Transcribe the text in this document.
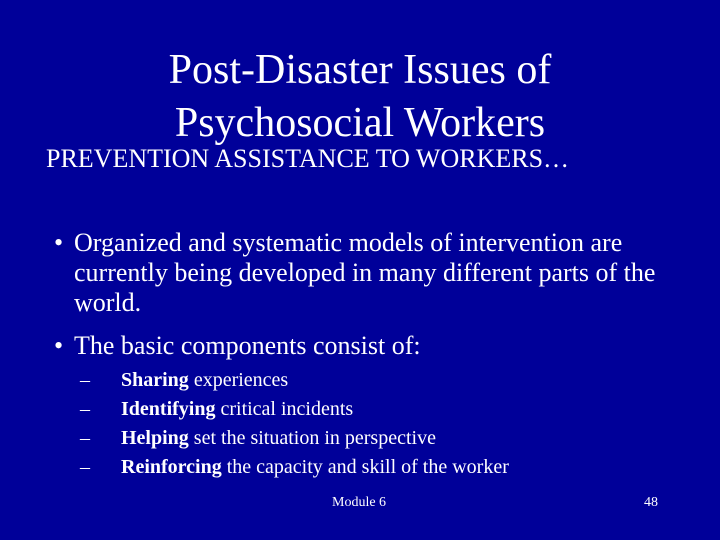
Post-Disaster Issues of
Psychosocial Workers
PREVENTION ASSISTANCE TO WORKERS…
• Organized and systematic models of intervention are currently being developed in many different parts of the world.
• The basic components consist of:
– Sharing experiences
– Identifying critical incidents
– Helping set the situation in perspective
– Reinforcing the capacity and skill of the worker
Module 6	48
